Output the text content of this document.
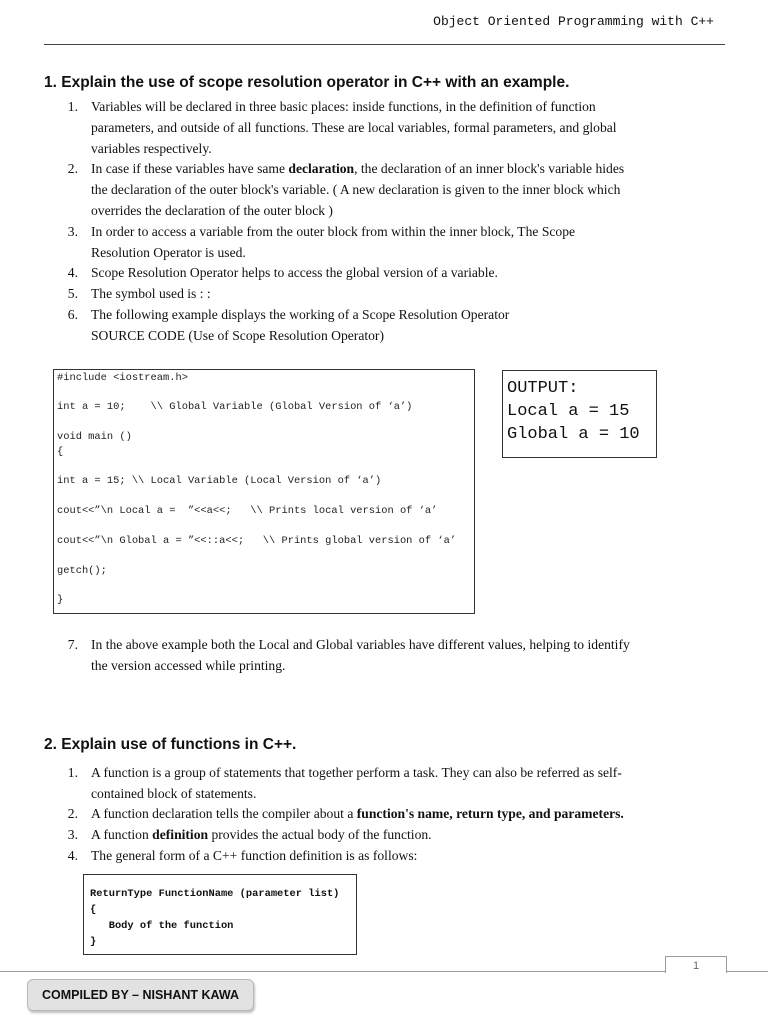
Object Oriented Programming with C++
1. Explain the use of scope resolution operator in C++ with an example.
1. Variables will be declared in three basic places: inside functions, in the definition of function
parameters, and outside of all functions. These are local variables, formal parameters, and global
variables respectively.
2. In case if these variables have same declaration, the declaration of an inner block's variable hides
the declaration of the outer block's variable. ( A new declaration is given to the inner block which
overrides the declaration of the outer block )
3. In order to access a variable from the outer block from within the inner block, The Scope
Resolution Operator is used.
4. Scope Resolution Operator helps to access the global version of a variable.
5. The symbol used is : :
6. The following example displays the working of a Scope Resolution Operator
SOURCE CODE (Use of Scope Resolution Operator)
#include <iostream.h>
int a = 10;    \\ Global Variable (Global Version of ‘a’)
void main ()
{
int a = 15; \\ Local Variable (Local Version of ‘a’)
cout<<”\n Local a =  ”<<a<<;   \\ Prints local version of ‘a’
cout<<”\n Global a = ”<<::a<<;   \\ Prints global version of ‘a’
getch();
}
OUTPUT:
Local a = 15
Global a = 10
7. In the above example both the Local and Global variables have different values, helping to identify
the version accessed while printing.
2. Explain use of functions in C++.
1. A function is a group of statements that together perform a task. They can also be referred as self-
contained block of statements.
2. A function declaration tells the compiler about a function's name, return type, and parameters.
3. A function definition provides the actual body of the function.
4. The general form of a C++ function definition is as follows:
ReturnType FunctionName (parameter list)
{
Body of the function
}
1
COMPILED BY – NISHANT KAWA
